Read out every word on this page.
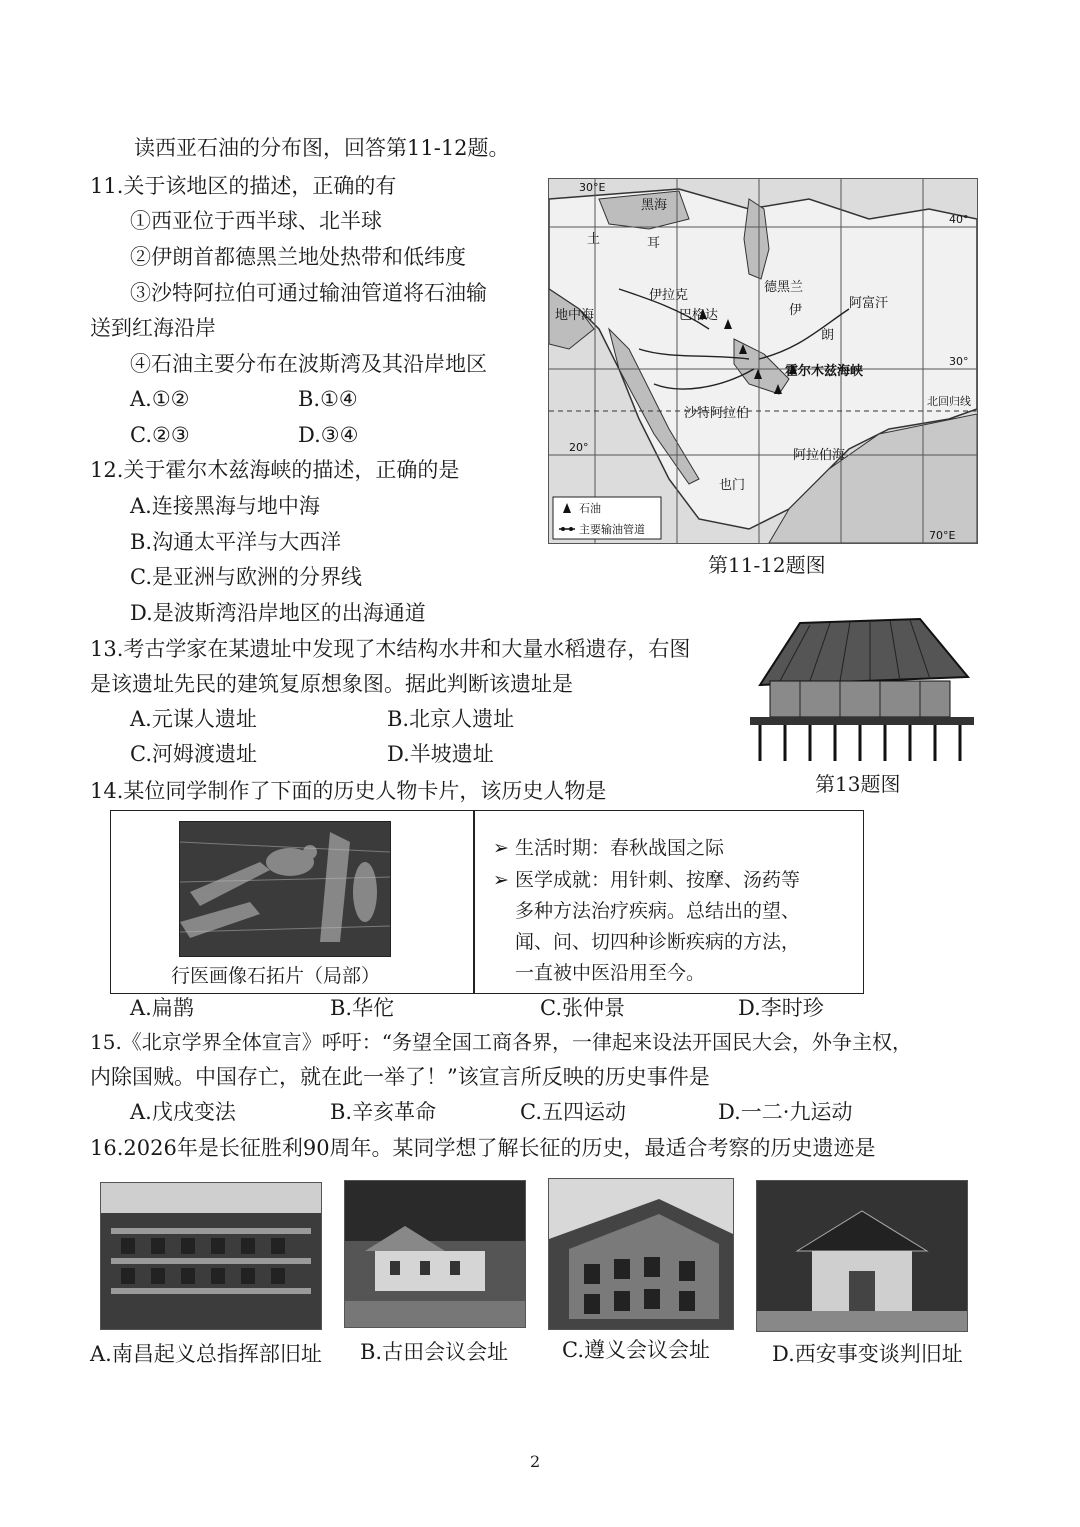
读西亚石油的分布图，回答第11-12题。
11.关于该地区的描述，正确的有
①西亚位于西半球、北半球
②伊朗首都德黑兰地处热带和低纬度
③沙特阿拉伯可通过输油管道将石油输
送到红海沿岸
④石油主要分布在波斯湾及其沿岸地区
A.①②	B.①④
C.②③	D.③④
黑海
土	耳
地中海
伊拉克
巴格达
德黑兰
伊
朗
阿富汗
霍尔木兹海峡
沙特阿拉伯
阿拉伯海
也门
北回归线
40°
30°
20°
30°E
70°E
石油
主要输油管道
第11-12题图
12.关于霍尔木兹海峡的描述，正确的是
A.连接黑海与地中海
B.沟通太平洋与大西洋
C.是亚洲与欧洲的分界线
D.是波斯湾沿岸地区的出海通道
13.考古学家在某遗址中发现了木结构水井和大量水稻遗存，右图
是该遗址先民的建筑复原想象图。据此判断该遗址是
A.元谋人遗址	B.北京人遗址
C.河姆渡遗址	D.半坡遗址
第13题图
14.某位同学制作了下面的历史人物卡片，该历史人物是
行医画像石拓片（局部）
➢ 生活时期：春秋战国之际
➢ 医学成就：用针刺、按摩、汤药等
多种方法治疗疾病。总结出的望、
闻、问、切四种诊断疾病的方法，
一直被中医沿用至今。
A.扁鹊	B.华佗	C.张仲景	D.李时珍
15.《北京学界全体宣言》呼吁：“务望全国工商各界，一律起来设法开国民大会，外争主权，
内除国贼。中国存亡，就在此一举了！”该宣言所反映的历史事件是
A.戊戌变法	B.辛亥革命	C.五四运动	D.一二·九运动
16.2026年是长征胜利90周年。某同学想了解长征的历史，最适合考察的历史遗迹是
A.南昌起义总指挥部旧址 B.古田会议会址	C.遵义会议会址	D.西安事变谈判旧址
2
